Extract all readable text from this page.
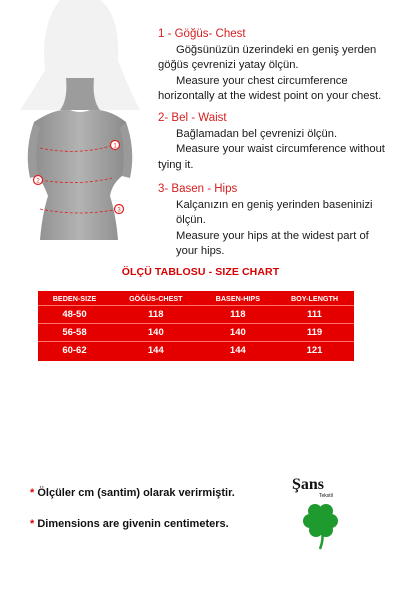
1
2
3
1 - Göğüs- Chest
Göğsünüzün üzerindeki en geniş yerden
göğüs çevrenizi yatay ölçün.
Measure your chest circumference
horizontally at the widest point on your chest.
2- Bel - Waist
Bağlamadan bel çevrenizi ölçün.
Measure your waist circumference without
tying it.
3- Basen - Hips
Kalçanızın en geniş yerinden baseninizi
ölçün.
Measure your hips at the widest part of
your hips.
ÖLÇÜ TABLOSU - SIZE CHART
BEDEN-SIZE	GÖĞÜS-CHEST	BASEN-HIPS	BOY-LENGTH
48-50	118	118	111
56-58	140	140	119
60-62	144	144	121
* Ölçüler cm (santim) olarak verirmiştir.
* Dimensions are givenin centimeters.
Şans
Tekstil
